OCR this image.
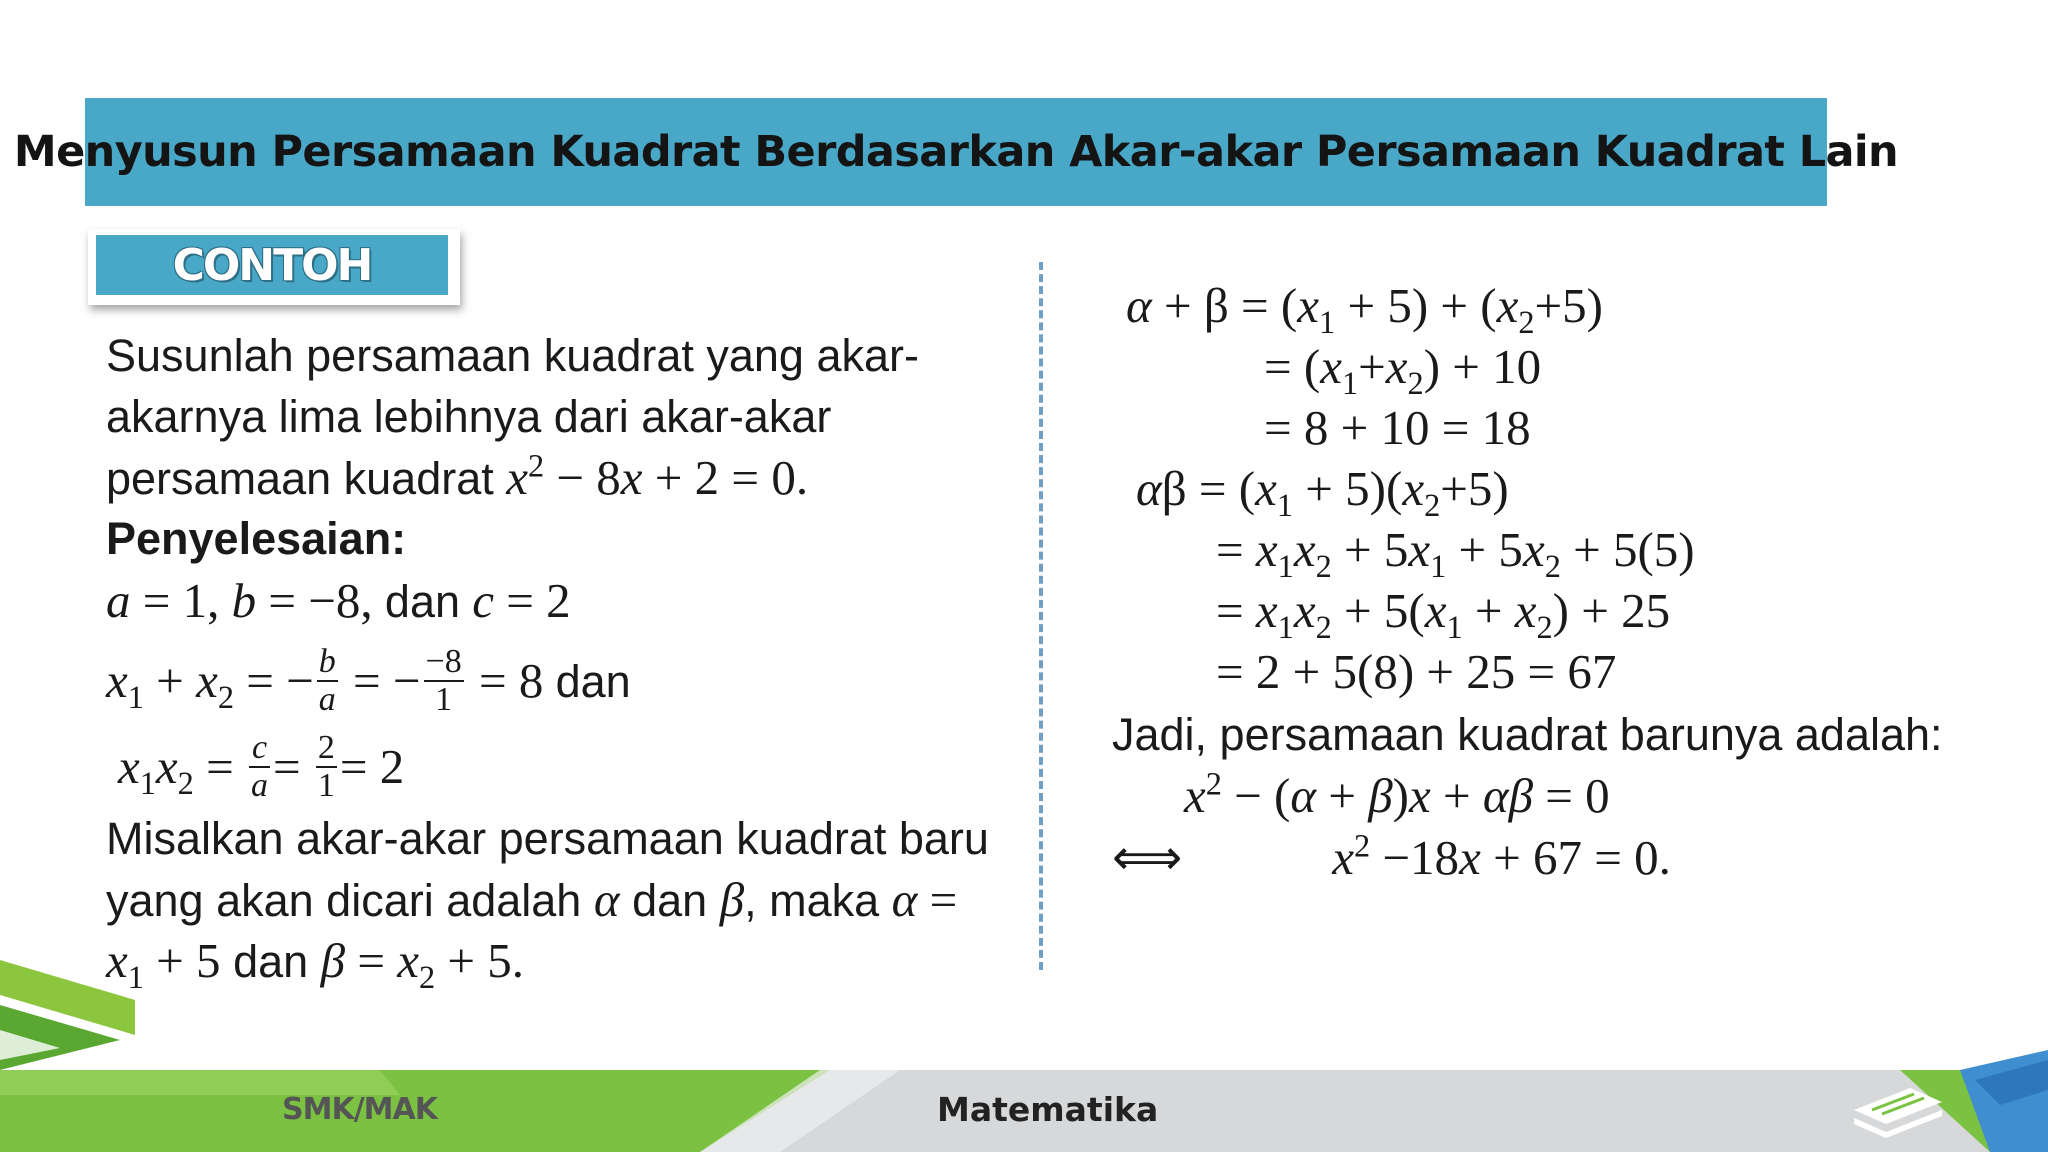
Menyusun Persamaan Kuadrat Berdasarkan Akar-akar Persamaan Kuadrat Lain
CONTOH
Susunlah persamaan kuadrat yang akar-
akarnya lima lebihnya dari akar-akar
persamaan kuadrat $x^2 - 8x + 2 = 0$.
Penyelesaian:
a = 1, b = −8, dan c = 2
$x_1 + x_2$ = − $\frac{b}{a}$ = − $\frac{-8}{1} = 8$ dan
$x_1x_2 = \frac{c}{a} = \frac{2}{1} = 2$
Misalkan akar-akar persamaan kuadrat baru
yang akan dicari adalah α dan β, maka α =
$x_1 + 5$ dan $\beta = x_2 + 5$.
$\alpha + \beta = (x_1 + 5) + (x_2+5)$
= $(x_1+x_2) + 10$
= 8 + 10 = 18
$\alpha\beta = (x_1 + 5)(x_2+5)$
= $x_1x_2 + 5x_1 + 5x_2 + 5(5)$
= $x_1x_2 + 5(x_1 + x_2) + 25$
= 2 + 5(8) + 25 = 67
Jadi, persamaan kuadrat barunya adalah:
$x^2 - (\alpha + \beta)x + \alpha\beta = 0$
⟺	$x^2 -18x + 67 = 0$.
SMK/MAK	Matematika
